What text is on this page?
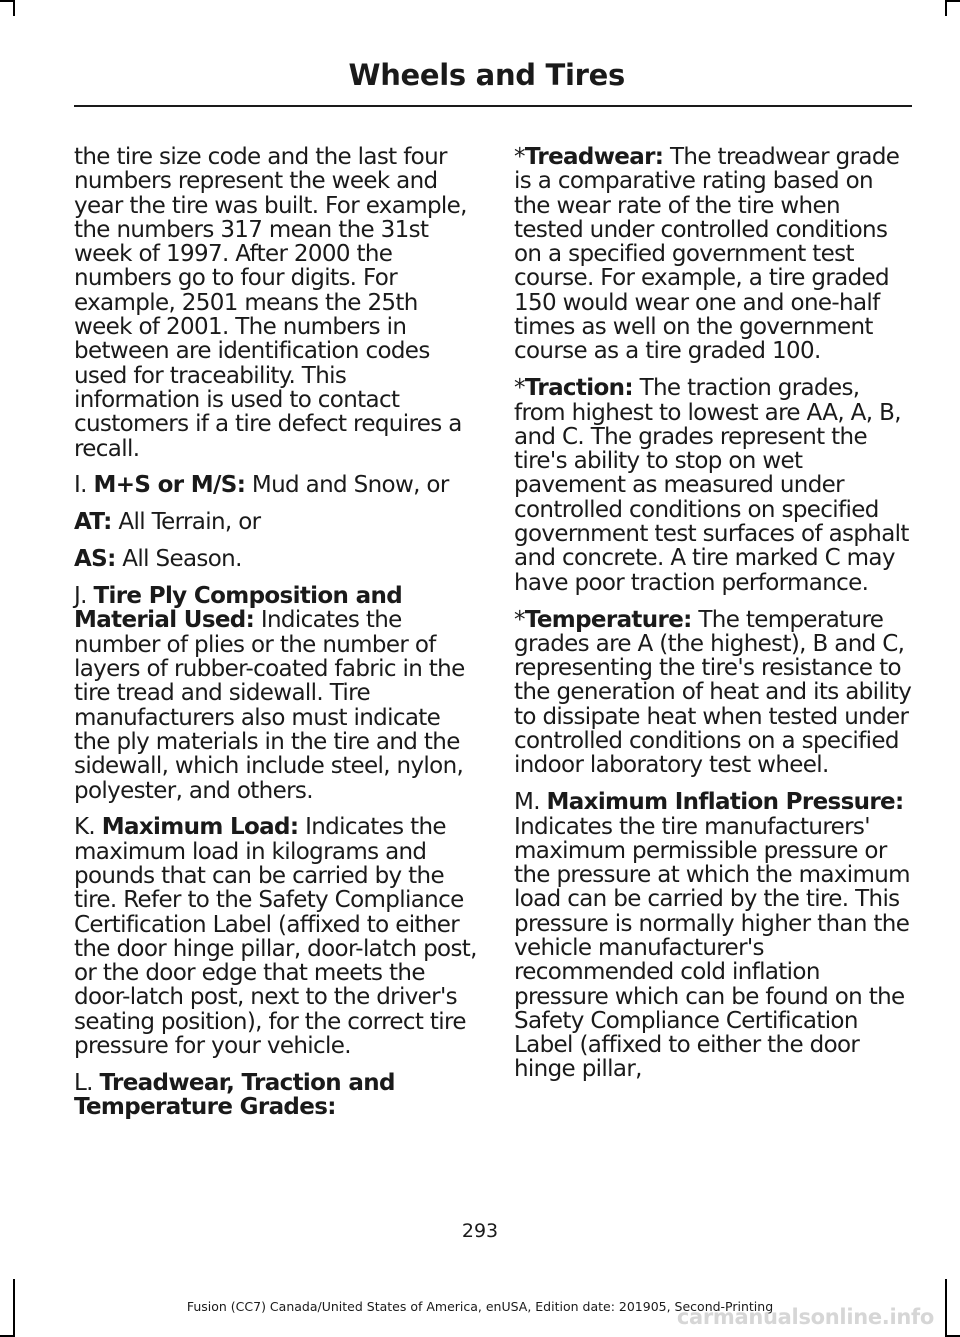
Wheels and Tires

the tire size code and the last four numbers represent the week and year the tire was built. For example, the numbers 317 mean the 31st week of 1997. After 2000 the numbers go to four digits. For example, 2501 means the 25th week of 2001. The numbers in between are identification codes used for traceability. This information is used to contact customers if a tire defect requires a recall.

I. M+S or M/S: Mud and Snow, or

AT: All Terrain, or

AS: All Season.

J. Tire Ply Composition and Material Used: Indicates the number of plies or the number of layers of rubber-coated fabric in the tire tread and sidewall. Tire manufacturers also must indicate the ply materials in the tire and the sidewall, which include steel, nylon, polyester, and others.

K. Maximum Load: Indicates the maximum load in kilograms and pounds that can be carried by the tire. Refer to the Safety Compliance Certification Label (affixed to either the door hinge pillar, door-latch post, or the door edge that meets the door-latch post, next to the driver's seating position), for the correct tire pressure for your vehicle.

L. Treadwear, Traction and Temperature Grades:

*Treadwear: The treadwear grade is a comparative rating based on the wear rate of the tire when tested under controlled conditions on a specified government test course. For example, a tire graded 150 would wear one and one-half times as well on the government course as a tire graded 100.

*Traction: The traction grades, from highest to lowest are AA, A, B, and C. The grades represent the tire's ability to stop on wet pavement as measured under controlled conditions on specified government test surfaces of asphalt and concrete. A tire marked C may have poor traction performance.

*Temperature: The temperature grades are A (the highest), B and C, representing the tire's resistance to the generation of heat and its ability to dissipate heat when tested under controlled conditions on a specified indoor laboratory test wheel.

M. Maximum Inflation Pressure: Indicates the tire manufacturers' maximum permissible pressure or the pressure at which the maximum load can be carried by the tire. This pressure is normally higher than the vehicle manufacturer's recommended cold inflation pressure which can be found on the Safety Compliance Certification Label (affixed to either the door hinge pillar,

293
Fusion (CC7) Canada/United States of America, enUSA, Edition date: 201905, Second-Printing
carmanualsonline.info
